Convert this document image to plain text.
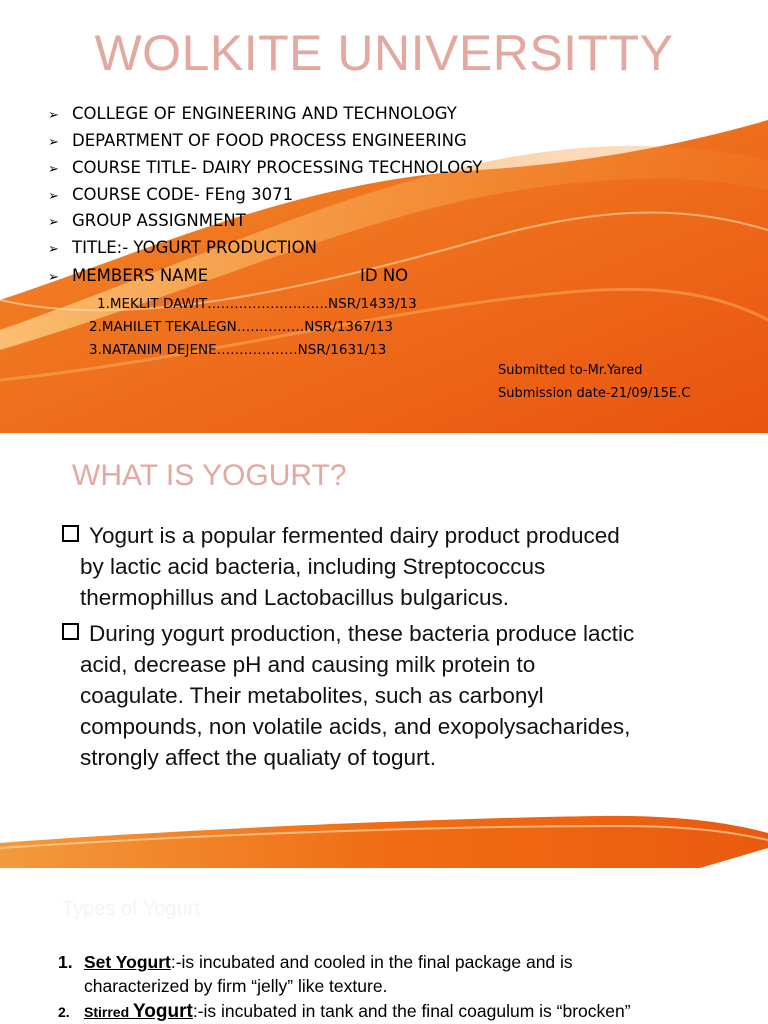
WOLKITE UNIVERSITTY
➢ COLLEGE OF ENGINEERING AND TECHNOLOGY
➢ DEPARTMENT OF FOOD PROCESS ENGINEERING
➢ COURSE TITLE- DAIRY PROCESSING TECHNOLOGY
➢ COURSE CODE- FEng 3071
➢ GROUP ASSIGNMENT
➢ TITLE:- YOGURT PRODUCTION
➢ MEMBERS NAME	ID NO
1.MEKLIT DAWIT………………….…..NSR/1433/13
2.MAHILET TEKALEGN……………NSR/1367/13
3.NATANIM DEJENE………………NSR/1631/13
Submitted to-Mr.Yared
Submission date-21/09/15E.C
WHAT IS YOGURT?
Yogurt is a popular fermented dairy product produced
by lactic acid bacteria, including Streptococcus
thermophillus and Lactobacillus bulgaricus.
During yogurt production, these bacteria produce lactic
acid, decrease pH and causing milk protein to
coagulate. Their metabolites, such as carbonyl
compounds, non volatile acids, and exopolysacharides,
strongly affect the qualiaty of togurt.
Types of Yogurt
1. Set Yogurt:-is incubated and cooled in the final package and is
characterized by firm “jelly” like texture.
2. Stirred Yogurt:-is incubated in tank and the final coagulum is “brocken”
